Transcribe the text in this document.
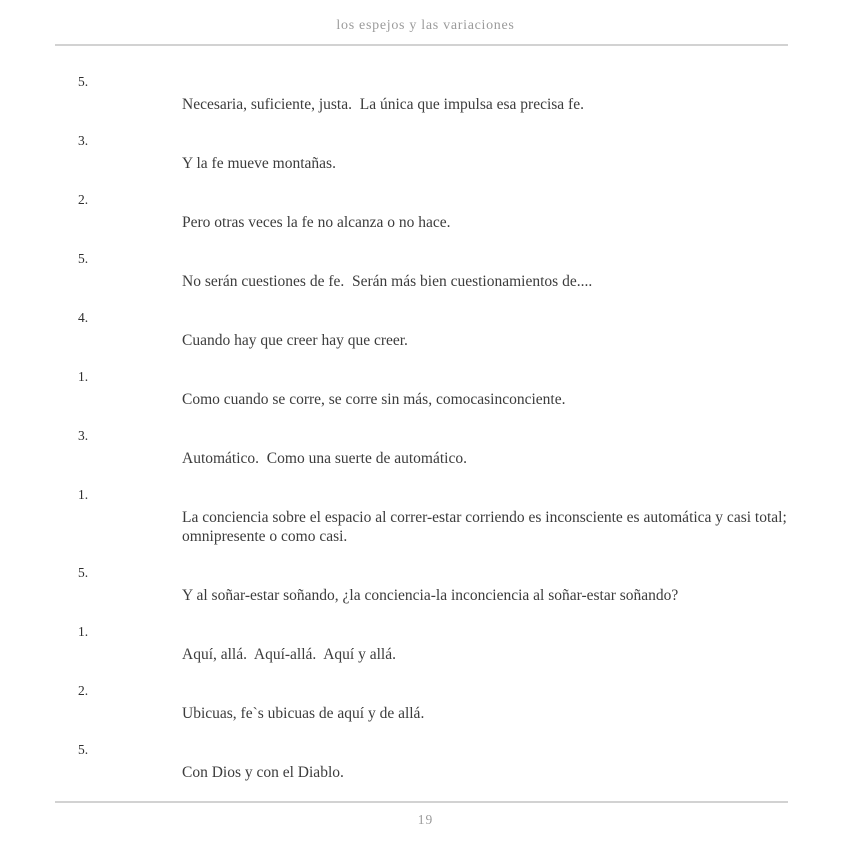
los espejos y las variaciones
5.
Necesaria, suficiente, justa.  La única que impulsa esa precisa fe.
3.
Y la fe mueve montañas.
2.
Pero otras veces la fe no alcanza o no hace.
5.
No serán cuestiones de fe.  Serán más bien cuestionamientos de....
4.
Cuando hay que creer hay que creer.
1.
Como cuando se corre, se corre sin más, comocasinconciente.
3.
Automático.  Como una suerte de automático.
1.
La conciencia sobre el espacio al correr-estar corriendo es inconsciente es automática y casi total; omnipresente o como casi.
5.
Y al soñar-estar soñando, ¿la conciencia-la inconciencia al soñar-estar soñando?
1.
Aquí, allá.  Aquí-allá.  Aquí y allá.
2.
Ubicuas, fe`s ubicuas de aquí y de allá.
5.
Con Dios y con el Diablo.
19
